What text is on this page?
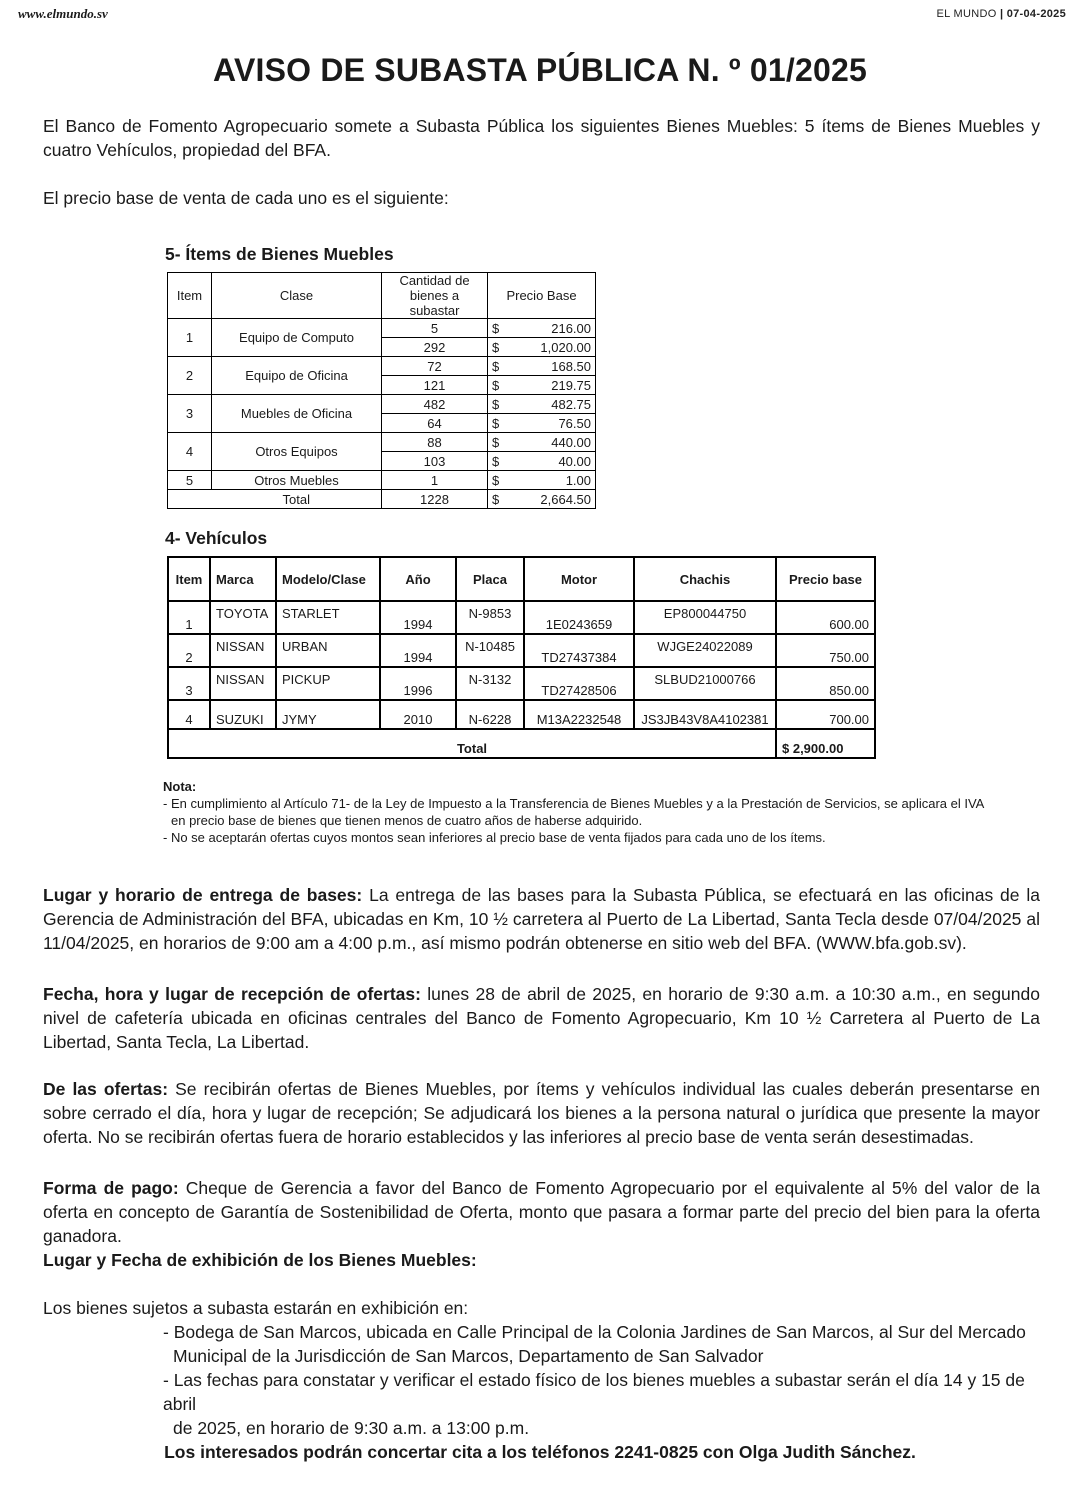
www.elmundo.sv	EL MUNDO | 07-04-2025
AVISO DE SUBASTA PÚBLICA N. º 01/2025
El Banco de Fomento Agropecuario somete a Subasta Pública los siguientes Bienes Muebles: 5 ítems de Bienes Muebles y cuatro Vehículos, propiedad del BFA.
El precio base de venta de cada uno es el siguiente:
5- Ítems de Bienes Muebles
Item	Clase	Cantidad de bienes a subastar	Precio Base	
1	Equipo de Computo	5	$	216.00
		292	$	1,020.00
2	Equipo de Oficina	72	$	168.50
		121	$	219.75
3	Muebles de Oficina	482	$	482.75
		64	$	76.50
4	Otros Equipos	88	$	440.00
		103	$	40.00
5	Otros Muebles	1	$	1.00
	Total	1228	$	2,664.50
4- Vehículos
Item	Marca	Modelo/Clase	Año	Placa	Motor	Chachis	Precio base
1	TOYOTA	STARLET	1994	N-9853	1E0243659	EP800044750	600.00
2	NISSAN	URBAN	1994	N-10485	TD27437384	WJGE24022089	750.00
3	NISSAN	PICKUP	1996	N-3132	TD27428506	SLBUD21000766	850.00
4	SUZUKI	JYMY	2010	N-6228	M13A2232548	JS3JB43V8A4102381	700.00
Total							$ 2,900.00
Nota:
- En cumplimiento al Artículo 71- de la Ley de Impuesto a la Transferencia de Bienes Muebles y a la Prestación de Servicios, se aplicara el IVA
en precio base de bienes que tienen menos de cuatro años de haberse adquirido.
- No se aceptarán ofertas cuyos montos sean inferiores al precio base de venta fijados para cada uno de los ítems.
Lugar y horario de entrega de bases: La entrega de las bases para la Subasta Pública, se efectuará en las oficinas de la Gerencia de Administración del BFA, ubicadas en Km, 10 ½ carretera al Puerto de La Libertad, Santa Tecla desde 07/04/2025 al 11/04/2025, en horarios de 9:00 am a 4:00 p.m., así mismo podrán obtenerse en sitio web del BFA. (WWW.bfa.gob.sv).
Fecha, hora y lugar de recepción de ofertas: lunes 28 de abril de 2025, en horario de 9:30 a.m. a 10:30 a.m., en segundo nivel de cafetería ubicada en oficinas centrales del Banco de Fomento Agropecuario, Km 10 ½ Carretera al Puerto de La Libertad, Santa Tecla, La Libertad.
De las ofertas: Se recibirán ofertas de Bienes Muebles, por ítems y vehículos individual las cuales deberán presentarse en sobre cerrado el día, hora y lugar de recepción; Se adjudicará los bienes a la persona natural o jurídica que presente la mayor oferta. No se recibirán ofertas fuera de horario establecidos y las inferiores al precio base de venta serán desestimadas.
Forma de pago: Cheque de Gerencia a favor del Banco de Fomento Agropecuario por el equivalente al 5% del valor de la oferta en concepto de Garantía de Sostenibilidad de Oferta, monto que pasara a formar parte del precio del bien para la oferta ganadora.
Lugar y Fecha de exhibición de los Bienes Muebles:
Los bienes sujetos a subasta estarán en exhibición en:
- Bodega de San Marcos, ubicada en Calle Principal de la Colonia Jardines de San Marcos, al Sur del Mercado
Municipal de la Jurisdicción de San Marcos, Departamento de San Salvador
- Las fechas para constatar y verificar el estado físico de los bienes muebles a subastar serán el día 14 y 15 de abril
de 2025, en horario de 9:30 a.m. a 13:00 p.m.
Los interesados podrán concertar cita a los teléfonos 2241-0825 con Olga Judith Sánchez.
